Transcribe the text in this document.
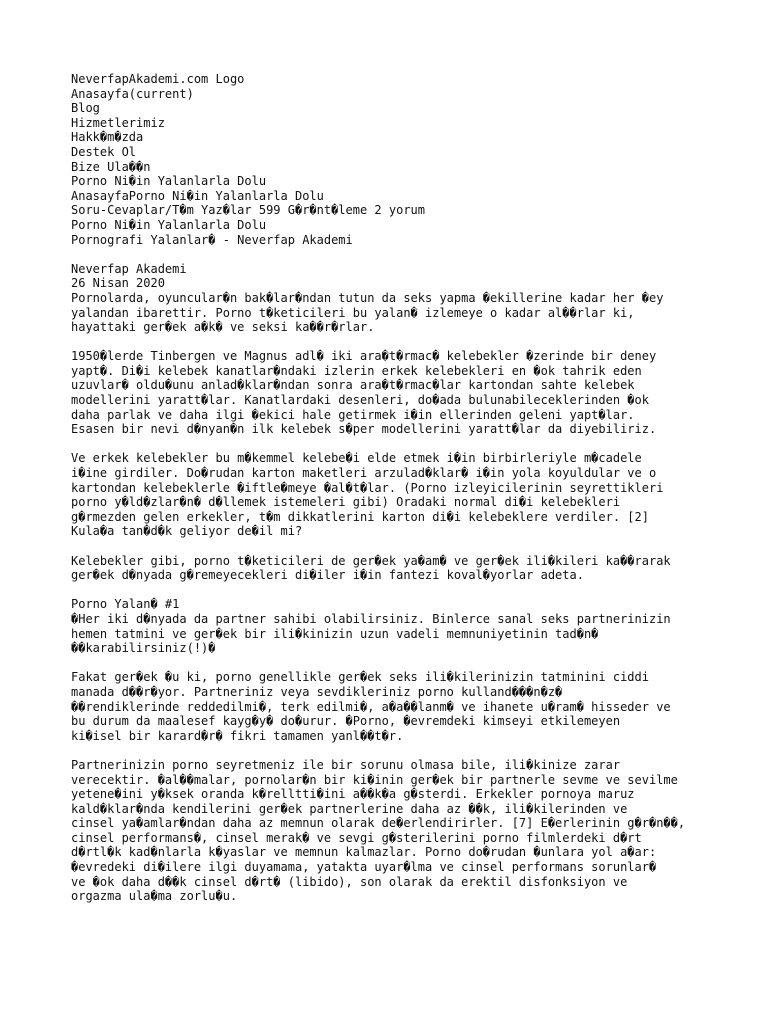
NeverfapAkademi.com Logo
Anasayfa(current)
Blog
Hizmetlerimiz
Hakk�m�zda
Destek Ol
Bize Ula��n
Porno Ni�in Yalanlarla Dolu
AnasayfaPorno Ni�in Yalanlarla Dolu
Soru-Cevaplar/T�m Yaz�lar 599 G�r�nt�leme 2 yorum
Porno Ni�in Yalanlarla Dolu
Pornografi Yalanlar� - Neverfap Akademi
Neverfap Akademi
26 Nisan 2020
Pornolarda, oyuncular�n bak�lar�ndan tutun da seks yapma �ekillerine kadar her �ey
yalandan ibarettir. Porno t�keticileri bu yalan� izlemeye o kadar al��rlar ki,
hayattaki ger�ek a�k� ve seksi ka��r�rlar.
1950�lerde Tinbergen ve Magnus adl� iki ara�t�rmac� kelebekler �zerinde bir deney
yapt�. Di�i kelebek kanatlar�ndaki izlerin erkek kelebekleri en �ok tahrik eden
uzuvlar� oldu�unu anlad�klar�ndan sonra ara�t�rmac�lar kartondan sahte kelebek
modellerini yaratt�lar. Kanatlardaki desenleri, do�ada bulunabileceklerinden �ok
daha parlak ve daha ilgi �ekici hale getirmek i�in ellerinden geleni yapt�lar.
Esasen bir nevi d�nyan�n ilk kelebek s�per modellerini yaratt�lar da diyebiliriz.
Ve erkek kelebekler bu m�kemmel kelebe�i elde etmek i�in birbirleriyle m�cadele
i�ine girdiler. Do�rudan karton maketleri arzulad�klar� i�in yola koyuldular ve o
kartondan kelebeklerle �iftle�meye �al�t�lar. (Porno izleyicilerinin seyrettikleri
porno y�ld�zlar�n� d�llemek istemeleri gibi) Oradaki normal di�i kelebekleri
g�rmezden gelen erkekler, t�m dikkatlerini karton di�i kelebeklere verdiler. [2]
Kula�a tan�d�k geliyor de�il mi?
Kelebekler gibi, porno t�keticileri de ger�ek ya�am� ve ger�ek ili�kileri ka��rarak
ger�ek d�nyada g�remeyecekleri di�iler i�in fantezi koval�yorlar adeta.
Porno Yalan� #1
�Her iki d�nyada da partner sahibi olabilirsiniz. Binlerce sanal seks partnerinizin
hemen tatmini ve ger�ek bir ili�kinizin uzun vadeli memnuniyetinin tad�n�
��karabilirsiniz(!)�
Fakat ger�ek �u ki, porno genellikle ger�ek seks ili�kilerinizin tatminini ciddi
manada d��r�yor. Partneriniz veya sevdikleriniz porno kulland���n�z�
��rendiklerinde reddedilmi�, terk edilmi�, a�a��lanm� ve ihanete u�ram� hisseder ve
bu durum da maalesef kayg�y� do�urur. �Porno, �evremdeki kimseyi etkilemeyen
ki�isel bir karard�r� fikri tamamen yanl��t�r.
Partnerinizin porno seyretmeniz ile bir sorunu olmasa bile, ili�kinize zarar
verecektir. �al��malar, pornolar�n bir ki�inin ger�ek bir partnerle sevme ve sevilme
yetene�ini y�ksek oranda k�relltti�ini a��k�a g�sterdi. Erkekler pornoya maruz
kald�klar�nda kendilerini ger�ek partnerlerine daha az ��k, ili�kilerinden ve
cinsel ya�amlar�ndan daha az memnun olarak de�erlendirirler. [7] E�erlerinin g�r�n��,
cinsel performans�, cinsel merak� ve sevgi g�sterilerini porno filmlerdeki d�rt
d�rtl�k kad�nlarla k�yaslar ve memnun kalmazlar. Porno do�rudan �unlara yol a�ar:
�evredeki di�ilere ilgi duyamama, yatakta uyar�lma ve cinsel performans sorunlar�
ve �ok daha d��k cinsel d�rt� (libido), son olarak da erektil disfonksiyon ve
orgazma ula�ma zorlu�u.
